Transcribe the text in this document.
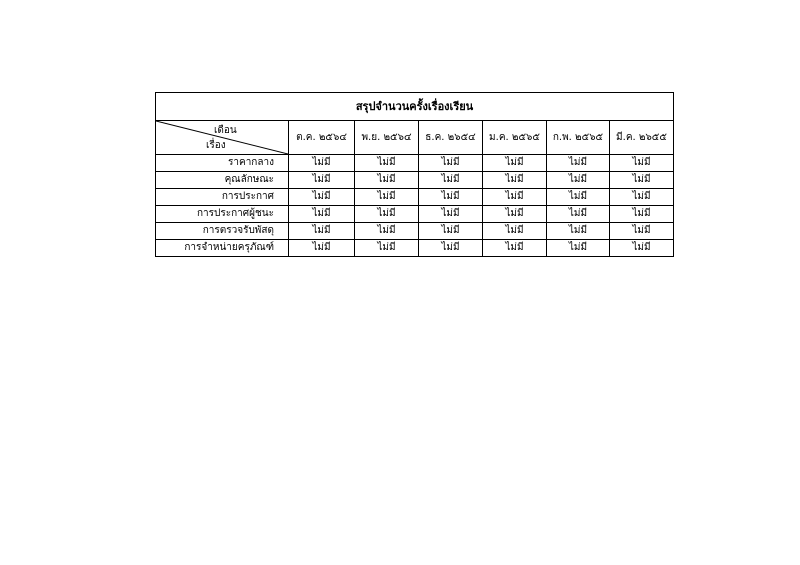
สรุปจำนวนครั้งเรื่องเรียน						

เดือน
เรื่อง	ต.ค. ๒๕๖๔	พ.ย. ๒๕๖๔	ธ.ค. ๒๖๕๔	ม.ค. ๒๕๖๕	ก.พ. ๒๕๖๕	มี.ค. ๒๖๕๕
ราคากลาง	ไม่มี	ไม่มี	ไม่มี	ไม่มี	ไม่มี	ไม่มี
คุณลักษณะ	ไม่มี	ไม่มี	ไม่มี	ไม่มี	ไม่มี	ไม่มี
การประกาศ	ไม่มี	ไม่มี	ไม่มี	ไม่มี	ไม่มี	ไม่มี
การประกาศผู้ชนะ	ไม่มี	ไม่มี	ไม่มี	ไม่มี	ไม่มี	ไม่มี
การตรวจรับพัสดุ	ไม่มี	ไม่มี	ไม่มี	ไม่มี	ไม่มี	ไม่มี
การจำหน่ายครุภัณฑ์	ไม่มี	ไม่มี	ไม่มี	ไม่มี	ไม่มี	ไม่มี
